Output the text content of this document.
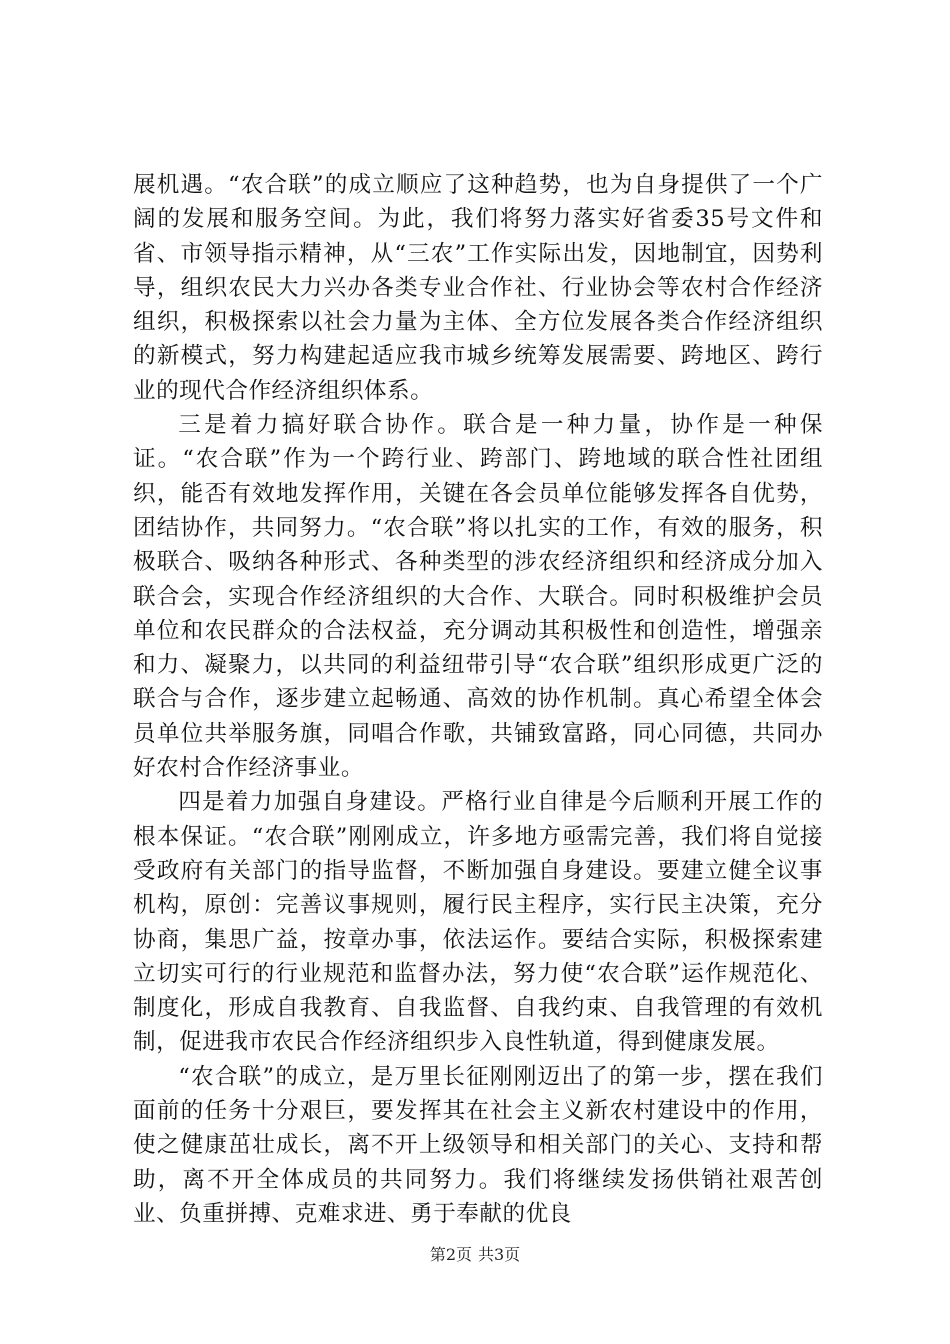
展机遇。“农合联”的成立顺应了这种趋势，也为自身提供了一个广阔的发展和服务空间。为此，我们将努力落实好省委35号文件和省、市领导指示精神，从“三农”工作实际出发，因地制宜，因势利导，组织农民大力兴办各类专业合作社、行业协会等农村合作经济组织，积极探索以社会力量为主体、全方位发展各类合作经济组织的新模式，努力构建起适应我市城乡统筹发展需要、跨地区、跨行业的现代合作经济组织体系。

三是着力搞好联合协作。联合是一种力量，协作是一种保证。“农合联”作为一个跨行业、跨部门、跨地域的联合性社团组织，能否有效地发挥作用，关键在各会员单位能够发挥各自优势，团结协作，共同努力。“农合联”将以扎实的工作，有效的服务，积极联合、吸纳各种形式、各种类型的涉农经济组织和经济成分加入联合会，实现合作经济组织的大合作、大联合。同时积极维护会员单位和农民群众的合法权益，充分调动其积极性和创造性，增强亲和力、凝聚力，以共同的利益纽带引导“农合联”组织形成更广泛的联合与合作，逐步建立起畅通、高效的协作机制。真心希望全体会员单位共举服务旗，同唱合作歌，共铺致富路，同心同德，共同办好农村合作经济事业。

四是着力加强自身建设。严格行业自律是今后顺利开展工作的根本保证。“农合联”刚刚成立，许多地方亟需完善，我们将自觉接受政府有关部门的指导监督，不断加强自身建设。要建立健全议事机构，原创：完善议事规则，履行民主程序，实行民主决策，充分协商，集思广益，按章办事，依法运作。要结合实际，积极探索建立切实可行的行业规范和监督办法，努力使“农合联”运作规范化、制度化，形成自我教育、自我监督、自我约束、自我管理的有效机制，促进我市农民合作经济组织步入良性轨道，得到健康发展。

“农合联”的成立，是万里长征刚刚迈出了的第一步，摆在我们面前的任务十分艰巨，要发挥其在社会主义新农村建设中的作用，使之健康茁壮成长，离不开上级领导和相关部门的关心、支持和帮助，离不开全体成员的共同努力。我们将继续发扬供销社艰苦创业、负重拼搏、克难求进、勇于奉献的优良

第2页 共3页
